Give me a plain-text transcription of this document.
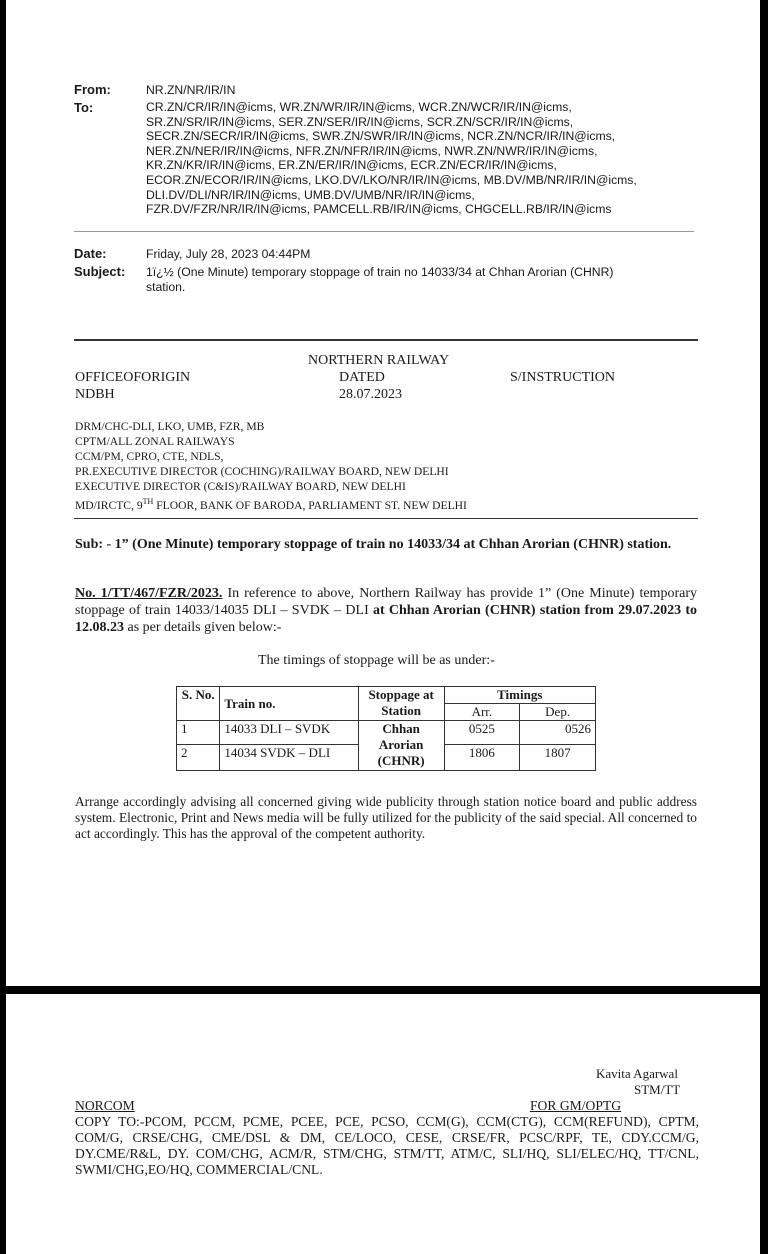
From:	NR.ZN/NR/IR/IN
To:	CR.ZN/CR/IR/IN@icms, WR.ZN/WR/IR/IN@icms, WCR.ZN/WCR/IR/IN@icms,
SR.ZN/SR/IR/IN@icms, SER.ZN/SER/IR/IN@icms, SCR.ZN/SCR/IR/IN@icms,
SECR.ZN/SECR/IR/IN@icms, SWR.ZN/SWR/IR/IN@icms, NCR.ZN/NCR/IR/IN@icms,
NER.ZN/NER/IR/IN@icms, NFR.ZN/NFR/IR/IN@icms, NWR.ZN/NWR/IR/IN@icms,
KR.ZN/KR/IR/IN@icms, ER.ZN/ER/IR/IN@icms, ECR.ZN/ECR/IR/IN@icms,
ECOR.ZN/ECOR/IR/IN@icms, LKO.DV/LKO/NR/IR/IN@icms, MB.DV/MB/NR/IR/IN@icms,
DLI.DV/DLI/NR/IR/IN@icms, UMB.DV/UMB/NR/IR/IN@icms,
FZR.DV/FZR/NR/IR/IN@icms, PAMCELL.RB/IR/IN@icms, CHGCELL.RB/IR/IN@icms
Date:	Friday, July 28, 2023 04:44PM
Subject: 1ï¿½ (One Minute) temporary stoppage of train no 14033/34 at Chhan Arorian (CHNR)
station.
NORTHERN RAILWAY
OFFICEOFORIGIN	DATED	S/INSTRUCTION
NDBH	28.07.2023
DRM/CHC-DLI, LKO, UMB, FZR, MB
CPTM/ALL ZONAL RAILWAYS
CCM/PM, CPRO, CTE, NDLS,
PR.EXECUTIVE DIRECTOR (COCHING)/RAILWAY BOARD, NEW DELHI
EXECUTIVE DIRECTOR (C&IS)/RAILWAY BOARD, NEW DELHI
MD/IRCTC, 9TH FLOOR, BANK OF BARODA, PARLIAMENT ST. NEW DELHI
Sub: - 1” (One Minute) temporary stoppage of train no 14033/34 at Chhan Arorian (CHNR) station.
No. 1/TT/467/FZR/2023. In reference to above, Northern Railway has provide 1” (One Minute) temporary stoppage of train 14033/14035 DLI – SVDK – DLI at Chhan Arorian (CHNR) station from 29.07.2023 to 12.08.23 as per details given below:-
The timings of stoppage will be as under:-
S. No.	Train no.	Stoppage at Station	Timings	
			Arr.	Dep.
1	14033 DLI – SVDK	Chhan Arorian (CHNR)	0525	0526
2	14034 SVDK – DLI		1806	1807
Arrange accordingly advising all concerned giving wide publicity through station notice board and public address system. Electronic, Print and News media will be fully utilized for the publicity of the said special. All concerned to act accordingly. This has the approval of the competent authority.
Kavita Agarwal
STM/TT
NORCOM	FOR GM/OPTG
COPY TO:-PCOM, PCCM, PCME, PCEE, PCE, PCSO, CCM(G), CCM(CTG), CCM(REFUND), CPTM, COM/G, CRSE/CHG, CME/DSL & DM, CE/LOCO, CESE, CRSE/FR, PCSC/RPF, TE, CDY.CCM/G, DY.CME/R&L, DY. COM/CHG, ACM/R, STM/CHG, STM/TT, ATM/C, SLI/HQ, SLI/ELEC/HQ, TT/CNL, SWMI/CHG,EO/HQ, COMMERCIAL/CNL.
